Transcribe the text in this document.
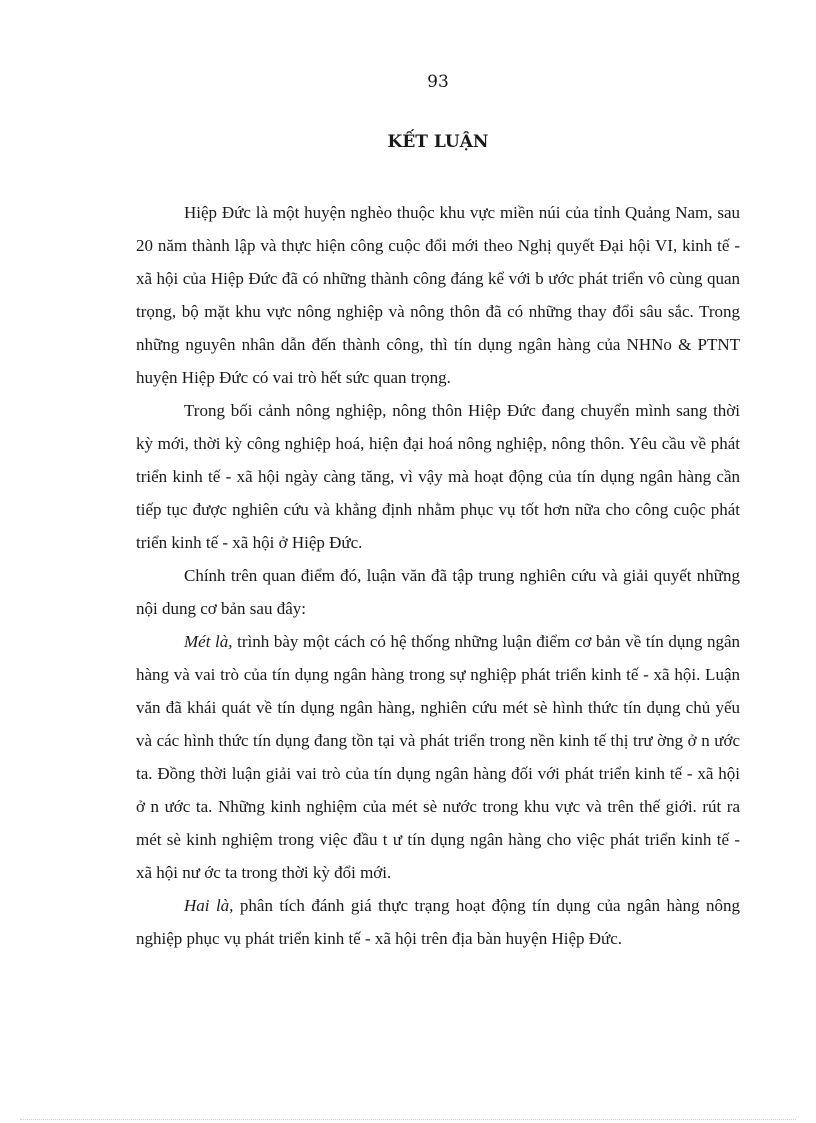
93
KẾT LUẬN

Hiệp Đức là một huyện nghèo thuộc khu vực miền núi của tỉnh Quảng Nam, sau 20 năm thành lập và thực hiện công cuộc đổi mới theo Nghị quyết Đại hội VI, kinh tế - xã hội của Hiệp Đức đã có những thành công đáng kể với b ước phát triển vô cùng quan trọng, bộ mặt khu vực nông nghiệp và nông thôn đã có những thay đổi sâu sắc. Trong những nguyên nhân dẫn đến thành công, thì tín dụng ngân hàng của NHNo & PTNT huyện Hiệp Đức có vai trò hết sức quan trọng.

Trong bối cảnh nông nghiệp, nông thôn Hiệp Đức đang chuyển mình sang thời kỳ mới, thời kỳ công nghiệp hoá, hiện đại hoá nông nghiệp, nông thôn. Yêu cầu về phát triển kinh tế - xã hội ngày càng tăng, vì vậy mà hoạt động của tín dụng ngân hàng cần tiếp tục được nghiên cứu và khẳng định nhằm phục vụ tốt hơn nữa cho công cuộc phát triển kinh tế - xã hội ở Hiệp Đức.

Chính trên quan điểm đó, luận văn đã tập trung nghiên cứu và giải quyết những nội dung cơ bản sau đây:

Mét là, trình bày một cách có hệ thống những luận điểm cơ bản về tín dụng ngân hàng và vai trò của tín dụng ngân hàng trong sự nghiệp phát triển kinh tế - xã hội. Luận văn đã khái quát về tín dụng ngân hàng, nghiên cứu mét sè hình thức tín dụng chủ yếu và các hình thức tín dụng đang tồn tại và phát triển trong nền kinh tế thị trư ờng ở n ước ta. Đồng thời luận giải vai trò của tín dụng ngân hàng đối với phát triển kinh tế - xã hội ở n ước ta. Những kinh nghiệm của mét sè nước trong khu vực và trên thế giới. rút ra mét sè kinh nghiệm trong việc đầu t ư tín dụng ngân hàng cho việc phát triển kinh tế - xã hội nư ớc ta trong thời kỳ đổi mới.

Hai là, phân tích đánh giá thực trạng hoạt động tín dụng của ngân hàng nông nghiệp phục vụ phát triển kinh tế - xã hội trên địa bàn huyện Hiệp Đức.
